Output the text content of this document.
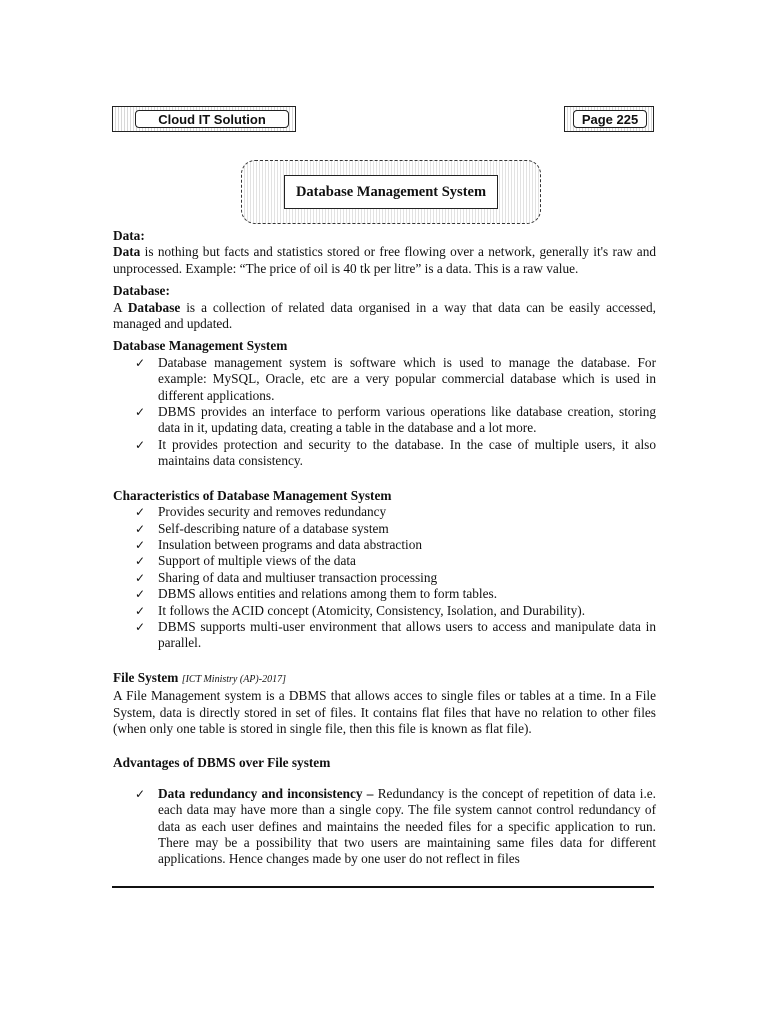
Cloud IT Solution	Page 225
Database Management System

Data:

Data is nothing but facts and statistics stored or free flowing over a network, generally it's raw and unprocessed. Example: “The price of oil is 40 tk per litre” is a data. This is a raw value.

Database:

A Database is a collection of related data organised in a way that data can be easily accessed, managed and updated.

Database Management System

✓ Database management system is software which is used to manage the database. For example: MySQL, Oracle, etc are a very popular commercial database which is used in different applications.
✓ DBMS provides an interface to perform various operations like database creation, storing data in it, updating data, creating a table in the database and a lot more.
✓ It provides protection and security to the database. In the case of multiple users, it also maintains data consistency.

Characteristics of Database Management System

✓ Provides security and removes redundancy
✓ Self-describing nature of a database system
✓ Insulation between programs and data abstraction
✓ Support of multiple views of the data
✓ Sharing of data and multiuser transaction processing
✓ DBMS allows entities and relations among them to form tables.
✓ It follows the ACID concept (Atomicity, Consistency, Isolation, and Durability).
✓ DBMS supports multi-user environment that allows users to access and manipulate data in parallel.

File System [ICT Ministry (AP)-2017]

A File Management system is a DBMS that allows acces to single files or tables at a time. In a File System, data is directly stored in set of files. It contains flat files that have no relation to other files (when only one table is stored in single file, then this file is known as flat file).

Advantages of DBMS over File system

✓ Data redundancy and inconsistency – Redundancy is the concept of repetition of data i.e. each data may have more than a single copy. The file system cannot control redundancy of data as each user defines and maintains the needed files for a specific application to run. There may be a possibility that two users are maintaining same files data for different applications. Hence changes made by one user do not reflect in files
